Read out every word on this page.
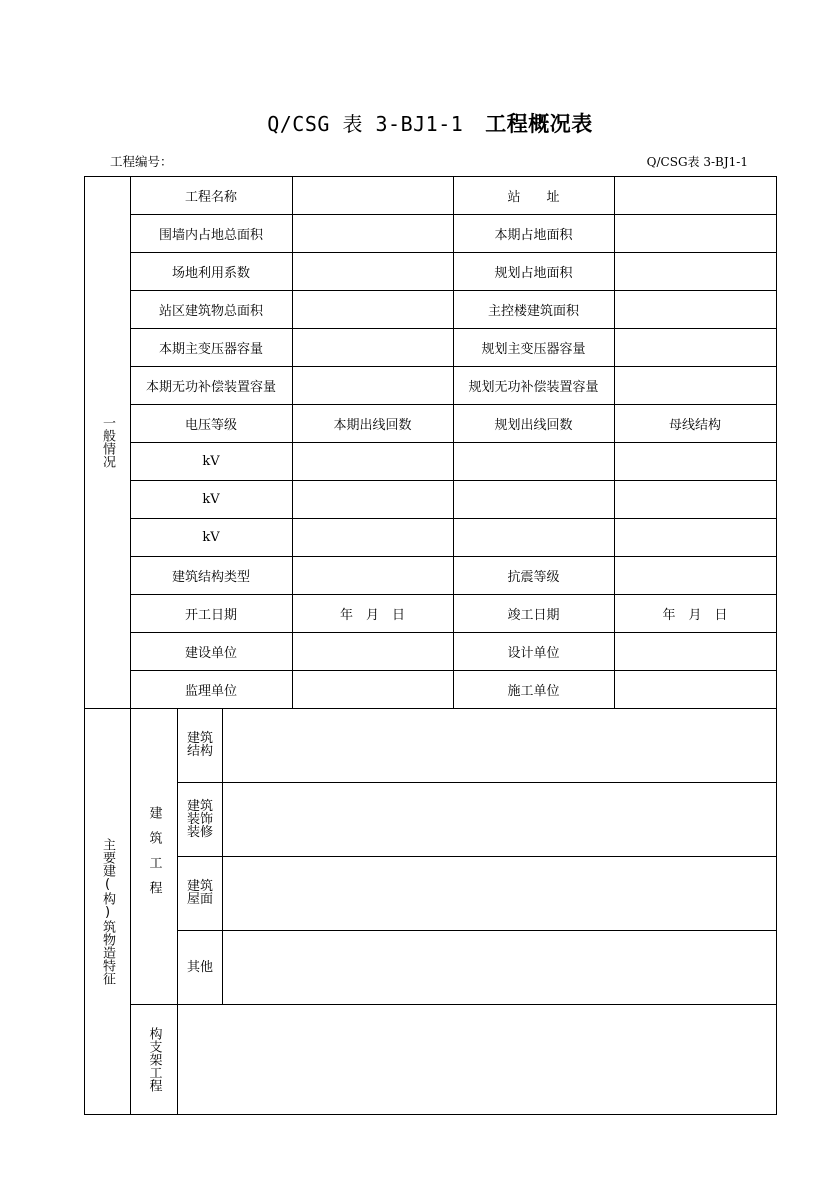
Q/CSG 表 3-BJ1-1 工程概况表
工程编号：	Q/CSG表 3-BJ1-1
一般情况
主要建(构)筑物造特征 建筑工程
构支架工程
工程名称	站　　址
围墙内占地总面积	本期占地面积
场地利用系数	规划占地面积
站区建筑物总面积	主控楼建筑面积
本期主变压器容量	规划主变压器容量
本期无功补偿装置容量	规划无功补偿装置容量
电压等级	本期出线回数	规划出线回数	母线结构
kV
kV
kV
建筑结构类型	抗震等级
开工日期	年　月　日	竣工日期	年　月　日
建设单位	设计单位
监理单位	施工单位
建筑结构
建筑装饰装修
建筑屋面
其他
